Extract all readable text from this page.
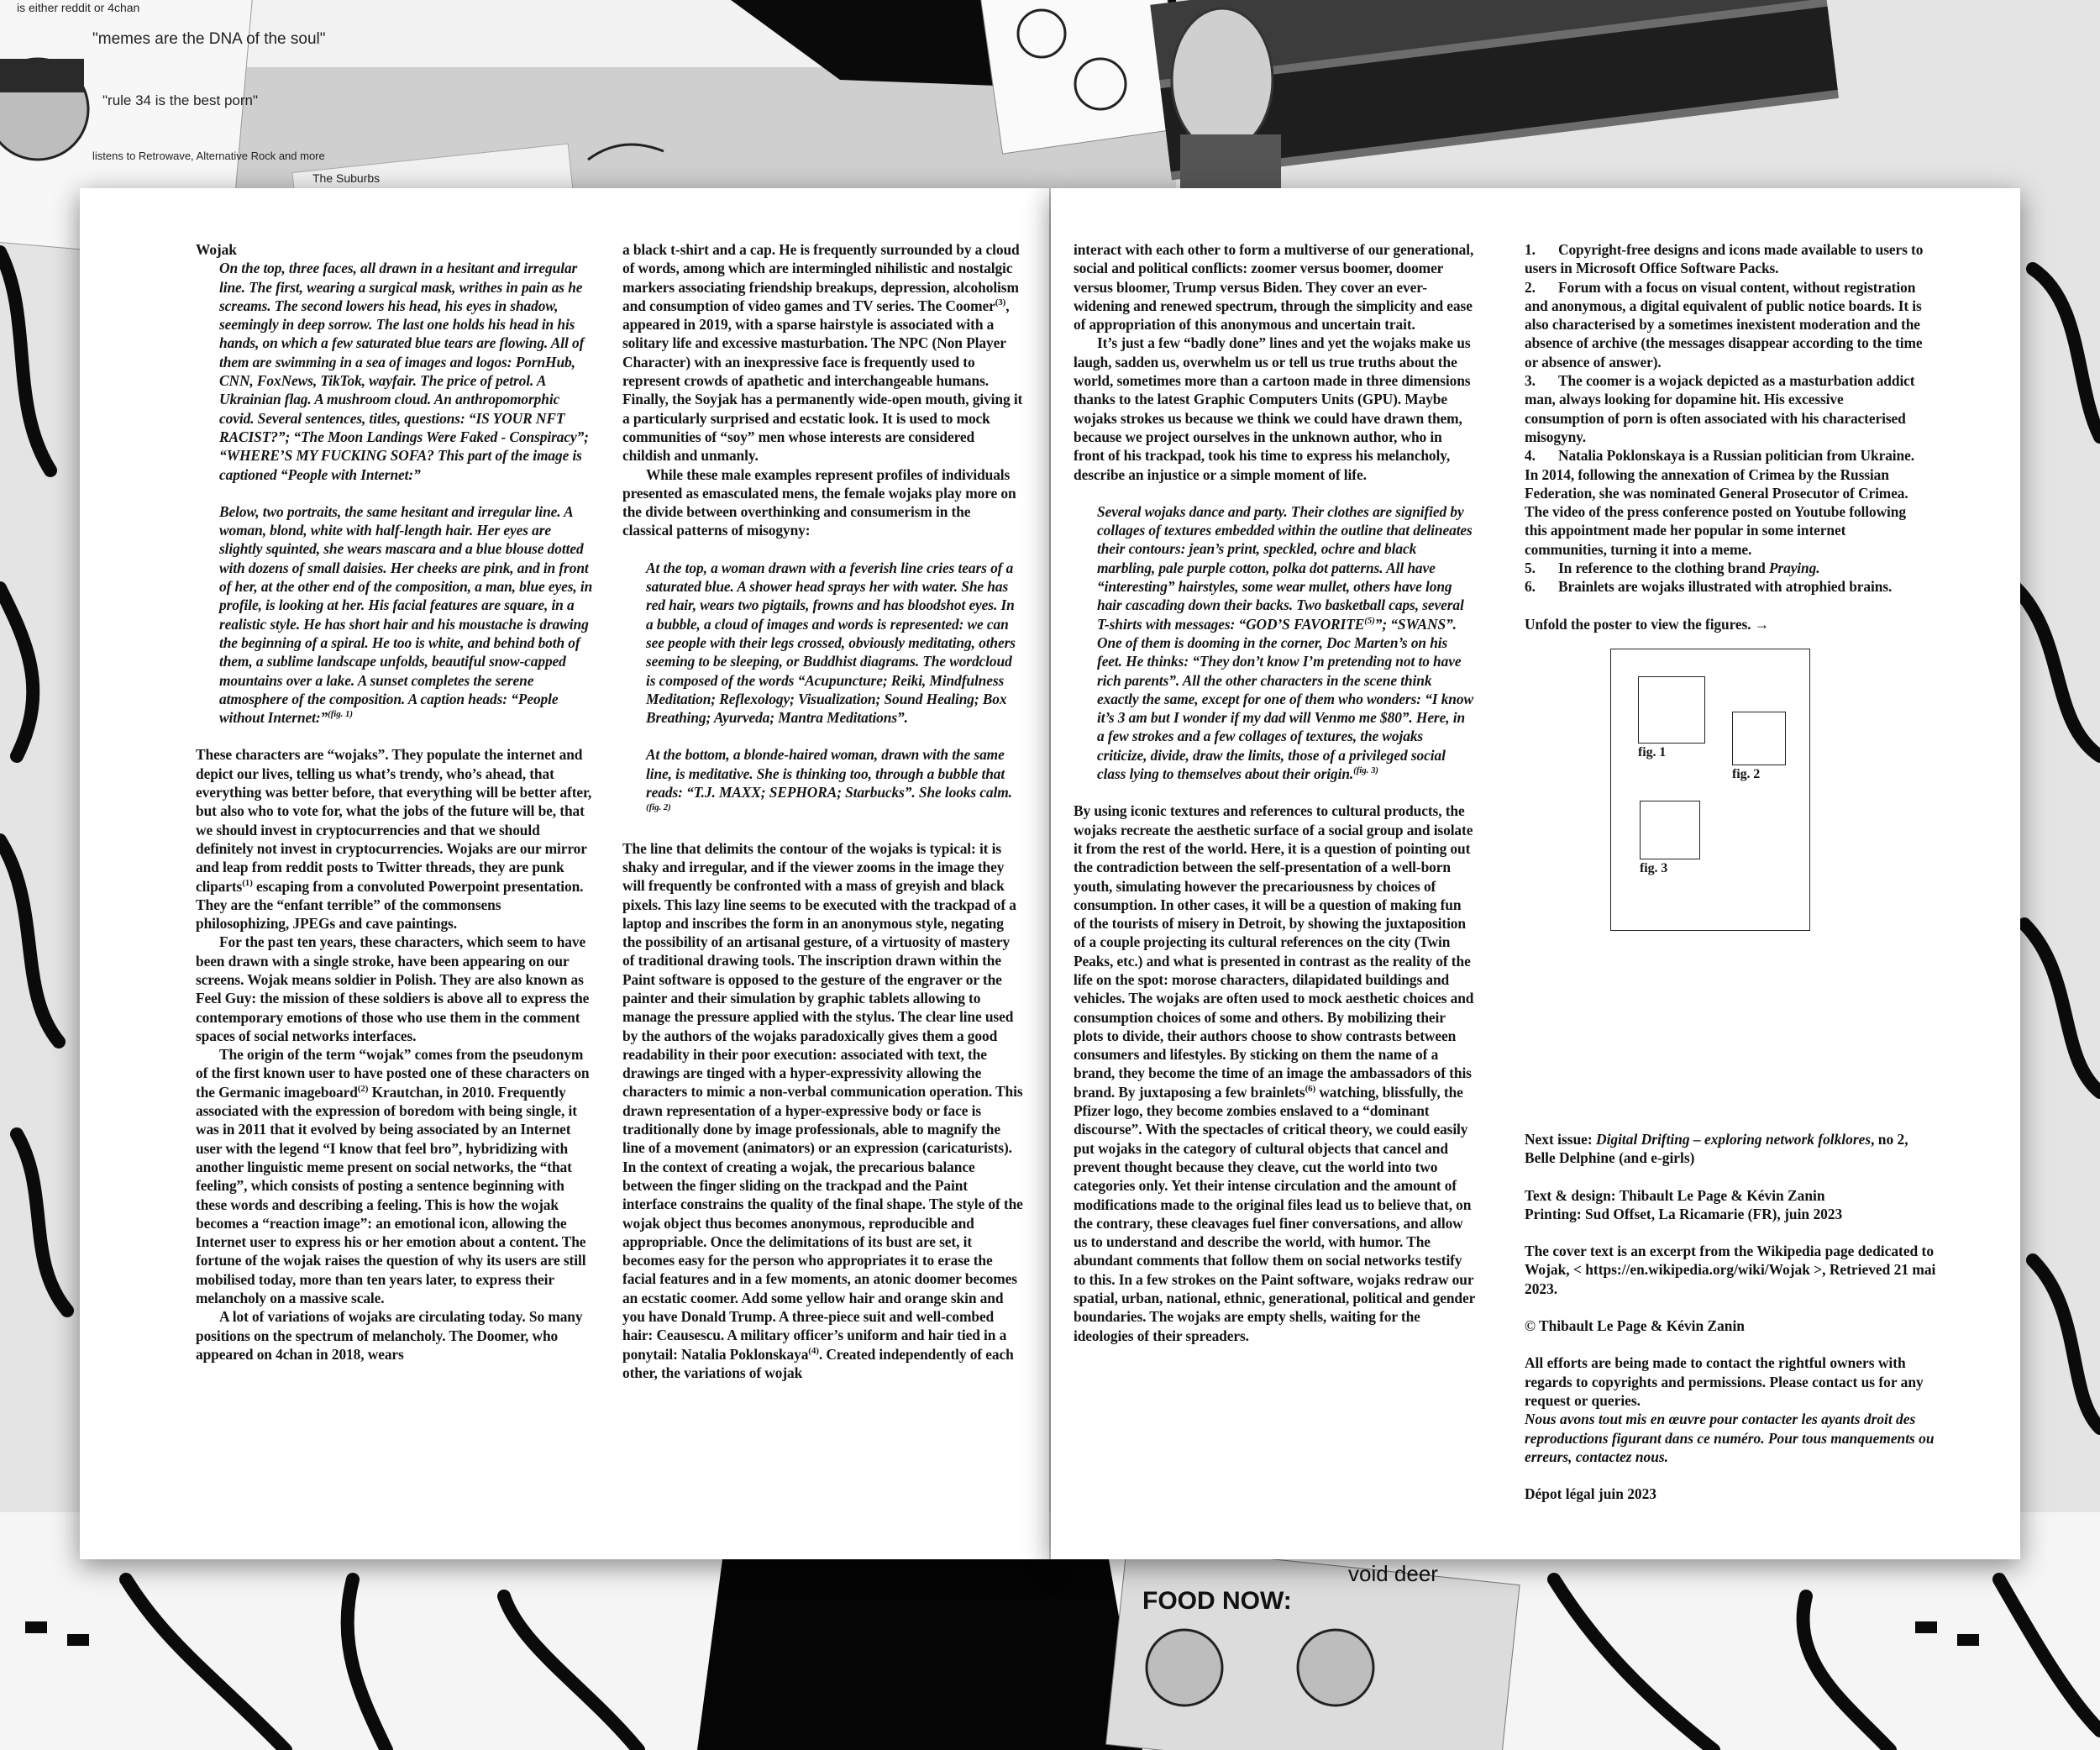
"memes are the DNA of the soul"
"rule 34 is the best porn"
listens to Retrowave, Alternative Rock and more
is either reddit or 4chan
The Suburbs
FOOD NOW:
void deer

Wojak

On the top, three faces, all drawn in a hesitant and irregular line. The first, wearing a surgical mask, writhes in pain as he screams. The second lowers his head, his eyes in shadow, seemingly in deep sorrow. The last one holds his head in his hands, on which a few saturated blue tears are flowing. All of them are swimming in a sea of images and logos: PornHub, CNN, FoxNews, TikTok, wayfair. The price of petrol. A Ukrainian flag. A mushroom cloud. An anthropomorphic covid. Several sentences, titles, questions: “IS YOUR NFT RACIST?”; “The Moon Landings Were Faked - Conspiracy”; “WHERE’S MY FUCKING SOFA? This part of the image is captioned “People with Internet:”

Below, two portraits, the same hesitant and irregular line. A woman, blond, white with half-length hair. Her eyes are slightly squinted, she wears mascara and a blue blouse dotted with dozens of small daisies. Her cheeks are pink, and in front of her, at the other end of the composition, a man, blue eyes, in profile, is looking at her. His facial features are square, in a realistic style. He has short hair and his moustache is drawing the beginning of a spiral. He too is white, and behind both of them, a sublime landscape unfolds, beautiful snow-capped mountains over a lake. A sunset completes the serene atmosphere of the composition. A caption heads: “People without Internet:”$^{(fig. 1)}$

These characters are “wojaks”. They populate the internet and depict our lives, telling us what’s trendy, who’s ahead, that everything was better before, that everything will be better after, but also who to vote for, what the jobs of the future will be, that we should invest in cryptocurrencies and that we should definitely not invest in cryptocurrencies. Wojaks are our mirror and leap from reddit posts to Twitter threads, they are punk cliparts$^{(1)}$ escaping from a convoluted Powerpoint presentation. They are the “enfant terrible” of the commonsens philosophizing, JPEGs and cave paintings.

For the past ten years, these characters, which seem to have been drawn with a single stroke, have been appearing on our screens. Wojak means soldier in Polish. They are also known as Feel Guy: the mission of these soldiers is above all to express the contemporary emotions of those who use them in the comment spaces of social networks interfaces.

The origin of the term “wojak” comes from the pseudonym of the first known user to have posted one of these characters on the Germanic imageboard$^{(2)}$ Krautchan, in 2010. Frequently associated with the expression of boredom with being single, it was in 2011 that it evolved by being associated by an Internet user with the legend “I know that feel bro”, hybridizing with another linguistic meme present on social networks, the “that feeling”, which consists of posting a sentence beginning with these words and describing a feeling. This is how the wojak becomes a “reaction image”: an emotional icon, allowing the Internet user to express his or her emotion about a content. The fortune of the wojak raises the question of why its users are still mobilised today, more than ten years later, to express their melancholy on a massive scale.

A lot of variations of wojaks are circulating today. So many positions on the spectrum of melancholy. The Doomer, who appeared on 4chan in 2018, wears

a black t-shirt and a cap. He is frequently surrounded by a cloud of words, among which are intermingled nihilistic and nostalgic markers associating friendship breakups, depression, alcoholism and consumption of video games and TV series. The Coomer$^{(3)}$, appeared in 2019, with a sparse hairstyle is associated with a solitary life and excessive masturbation. The NPC (Non Player Character) with an inexpressive face is frequently used to represent crowds of apathetic and interchangeable humans. Finally, the Soyjak has a permanently wide-open mouth, giving it a particularly surprised and ecstatic look. It is used to mock communities of “soy” men whose interests are considered childish and unmanly.

While these male examples represent profiles of individuals presented as emasculated mens, the female wojaks play more on the divide between overthinking and consumerism in the classical patterns of misogyny:

At the top, a woman drawn with a feverish line cries tears of a saturated blue. A shower head sprays her with water. She has red hair, wears two pigtails, frowns and has bloodshot eyes. In a bubble, a cloud of images and words is represented: we can see people with their legs crossed, obviously meditating, others seeming to be sleeping, or Buddhist diagrams. The wordcloud is composed of the words “Acupuncture; Reiki, Mindfulness Meditation; Reflexology; Visualization; Sound Healing; Box Breathing; Ayurveda; Mantra Meditations”.

At the bottom, a blonde-haired woman, drawn with the same line, is meditative. She is thinking too, through a bubble that reads: “T.J. MAXX; SEPHORA; Starbucks”. She looks calm.$^{(fig. 2)}$

The line that delimits the contour of the wojaks is typical: it is shaky and irregular, and if the viewer zooms in the image they will frequently be confronted with a mass of greyish and black pixels. This lazy line seems to be executed with the trackpad of a laptop and inscribes the form in an anonymous style, negating the possibility of an artisanal gesture, of a virtuosity of mastery of traditional drawing tools. The inscription drawn within the Paint software is opposed to the gesture of the engraver or the painter and their simulation by graphic tablets allowing to manage the pressure applied with the stylus. The clear line used by the authors of the wojaks paradoxically gives them a good readability in their poor execution: associated with text, the drawings are tinged with a hyper-expressivity allowing the characters to mimic a non-verbal communication operation. This drawn representation of a hyper-expressive body or face is traditionally done by image professionals, able to magnify the line of a movement (animators) or an expression (caricaturists). In the context of creating a wojak, the precarious balance between the finger sliding on the trackpad and the Paint interface constrains the quality of the final shape. The style of the wojak object thus becomes anonymous, reproducible and appropriable. Once the delimitations of its bust are set, it becomes easy for the person who appropriates it to erase the facial features and in a few moments, an atonic doomer becomes an ecstatic coomer. Add some yellow hair and orange skin and you have Donald Trump. A three-piece suit and well-combed hair: Ceausescu. A military officer’s uniform and hair tied in a ponytail: Natalia Poklonskaya$^{(4)}$. Created independently of each other, the variations of wojak

interact with each other to form a multiverse of our generational, social and political conflicts: zoomer versus boomer, doomer versus bloomer, Trump versus Biden. They cover an ever-widening and renewed spectrum, through the simplicity and ease of appropriation of this anonymous and uncertain trait.

It’s just a few “badly done” lines and yet the wojaks make us laugh, sadden us, overwhelm us or tell us true truths about the world, sometimes more than a cartoon made in three dimensions thanks to the latest Graphic Computers Units (GPU). Maybe wojaks strokes us because we think we could have drawn them, because we project ourselves in the unknown author, who in front of his trackpad, took his time to express his melancholy, describe an injustice or a simple moment of life.

Several wojaks dance and party. Their clothes are signified by collages of textures embedded within the outline that delineates their contours: jean’s print, speckled, ochre and black marbling, pale purple cotton, polka dot patterns. All have “interesting” hairstyles, some wear mullet, others have long hair cascading down their backs. Two basketball caps, several T-shirts with messages: “GOD’S FAVORITE$^{(5)}$”; “SWANS”. One of them is dooming in the corner, Doc Marten’s on his feet. He thinks: “They don’t know I’m pretending not to have rich parents”. All the other characters in the scene think exactly the same, except for one of them who wonders: “I know it’s 3 am but I wonder if my dad will Venmo me $80”. Here, in a few strokes and a few collages of textures, the wojaks criticize, divide, draw the limits, those of a privileged social class lying to themselves about their origin.$^{(fig. 3)}$

By using iconic textures and references to cultural products, the wojaks recreate the aesthetic surface of a social group and isolate it from the rest of the world. Here, it is a question of pointing out the contradiction between the self-presentation of a well-born youth, simulating however the precariousness by choices of consumption. In other cases, it will be a question of making fun of the tourists of misery in Detroit, by showing the juxtaposition of a couple projecting its cultural references on the city (Twin Peaks, etc.) and what is presented in contrast as the reality of the life on the spot: morose characters, dilapidated buildings and vehicles. The wojaks are often used to mock aesthetic choices and consumption choices of some and others. By mobilizing their plots to divide, their authors choose to show contrasts between consumers and lifestyles. By sticking on them the name of a brand, they become the time of an image the ambassadors of this brand. By juxtaposing a few brainlets$^{(6)}$ watching, blissfully, the Pfizer logo, they become zombies enslaved to a “dominant discourse”. With the spectacles of critical theory, we could easily put wojaks in the category of cultural objects that cancel and prevent thought because they cleave, cut the world into two categories only. Yet their intense circulation and the amount of modifications made to the original files lead us to believe that, on the contrary, these cleavages fuel finer conversations, and allow us to understand and describe the world, with humor. The abundant comments that follow them on social networks testify to this. In a few strokes on the Paint software, wojaks redraw our spatial, urban, national, ethnic, generational, political and gender boundaries. The wojaks are empty shells, waiting for the ideologies of their spreaders.

1. Copyright-free designs and icons made available to users to users in Microsoft Office Software Packs.

2. Forum with a focus on visual content, without registration and anonymous, a digital equivalent of public notice boards. It is also characterised by a sometimes inexistent moderation and the absence of archive (the messages disappear according to the time or absence of answer).

3. The coomer is a wojack depicted as a masturbation addict man, always looking for dopamine hit. His excessive consumption of porn is often associated with his characterised misogyny.

4. Natalia Poklonskaya is a Russian politician from Ukraine. In 2014, following the annexation of Crimea by the Russian Federation, she was nominated General Prosecutor of Crimea. The video of the press conference posted on Youtube following this appointment made her popular in some internet communities, turning it into a meme.

5. In reference to the clothing brand Praying.

6. Brainlets are wojaks illustrated with atrophied brains.

Unfold the poster to view the figures. →

fig. 1
fig. 2
fig. 3

Next issue: Digital Drifting – exploring network folklores, no 2, Belle Delphine (and e-girls)

Text & design: Thibault Le Page & Kévin Zanin
Printing: Sud Offset, La Ricamarie (FR), juin 2023

The cover text is an excerpt from the Wikipedia page dedicated to Wojak, < https://en.wikipedia.org/wiki/Wojak >, Retrieved 21 mai 2023.

© Thibault Le Page & Kévin Zanin

All efforts are being made to contact the rightful owners with regards to copyrights and permissions. Please contact us for any request or queries.

Nous avons tout mis en œuvre pour contacter les ayants droit des reproductions figurant dans ce numéro. Pour tous manquements ou erreurs, contactez nous.

Dépot légal juin 2023
